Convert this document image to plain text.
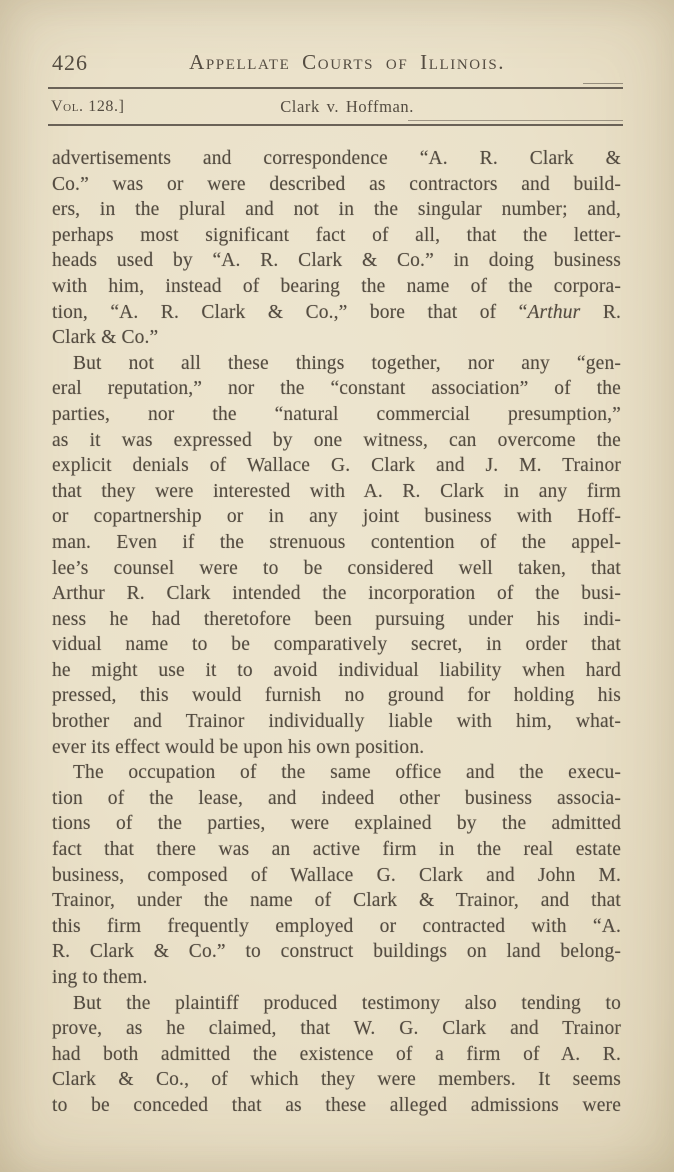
426	Appellate Courts of Illinois.
Vol. 128.]	Clark v. Hoffman.
advertisements and correspondence “A. R. Clark &
Co.” was or were described as contractors and build-
ers, in the plural and not in the singular number; and,
perhaps most significant fact of all, that the letter-
heads used by “A. R. Clark & Co.” in doing business
with him, instead of bearing the name of the corpora-
tion, “A. R. Clark & Co.,” bore that of “Arthur R.
Clark & Co.”
But not all these things together, nor any “gen-
eral reputation,” nor the “constant association” of the
parties, nor the “natural commercial presumption,”
as it was expressed by one witness, can overcome the
explicit denials of Wallace G. Clark and J. M. Trainor
that they were interested with A. R. Clark in any firm
or copartnership or in any joint business with Hoff-
man. Even if the strenuous contention of the appel-
lee’s counsel were to be considered well taken, that
Arthur R. Clark intended the incorporation of the busi-
ness he had theretofore been pursuing under his indi-
vidual name to be comparatively secret, in order that
he might use it to avoid individual liability when hard
pressed, this would furnish no ground for holding his
brother and Trainor individually liable with him, what-
ever its effect would be upon his own position.
The occupation of the same office and the execu-
tion of the lease, and indeed other business associa-
tions of the parties, were explained by the admitted
fact that there was an active firm in the real estate
business, composed of Wallace G. Clark and John M.
Trainor, under the name of Clark & Trainor, and that
this firm frequently employed or contracted with “A.
R. Clark & Co.” to construct buildings on land belong-
ing to them.
But the plaintiff produced testimony also tending to
prove, as he claimed, that W. G. Clark and Trainor
had both admitted the existence of a firm of A. R.
Clark & Co., of which they were members. It seems
to be conceded that as these alleged admissions were
